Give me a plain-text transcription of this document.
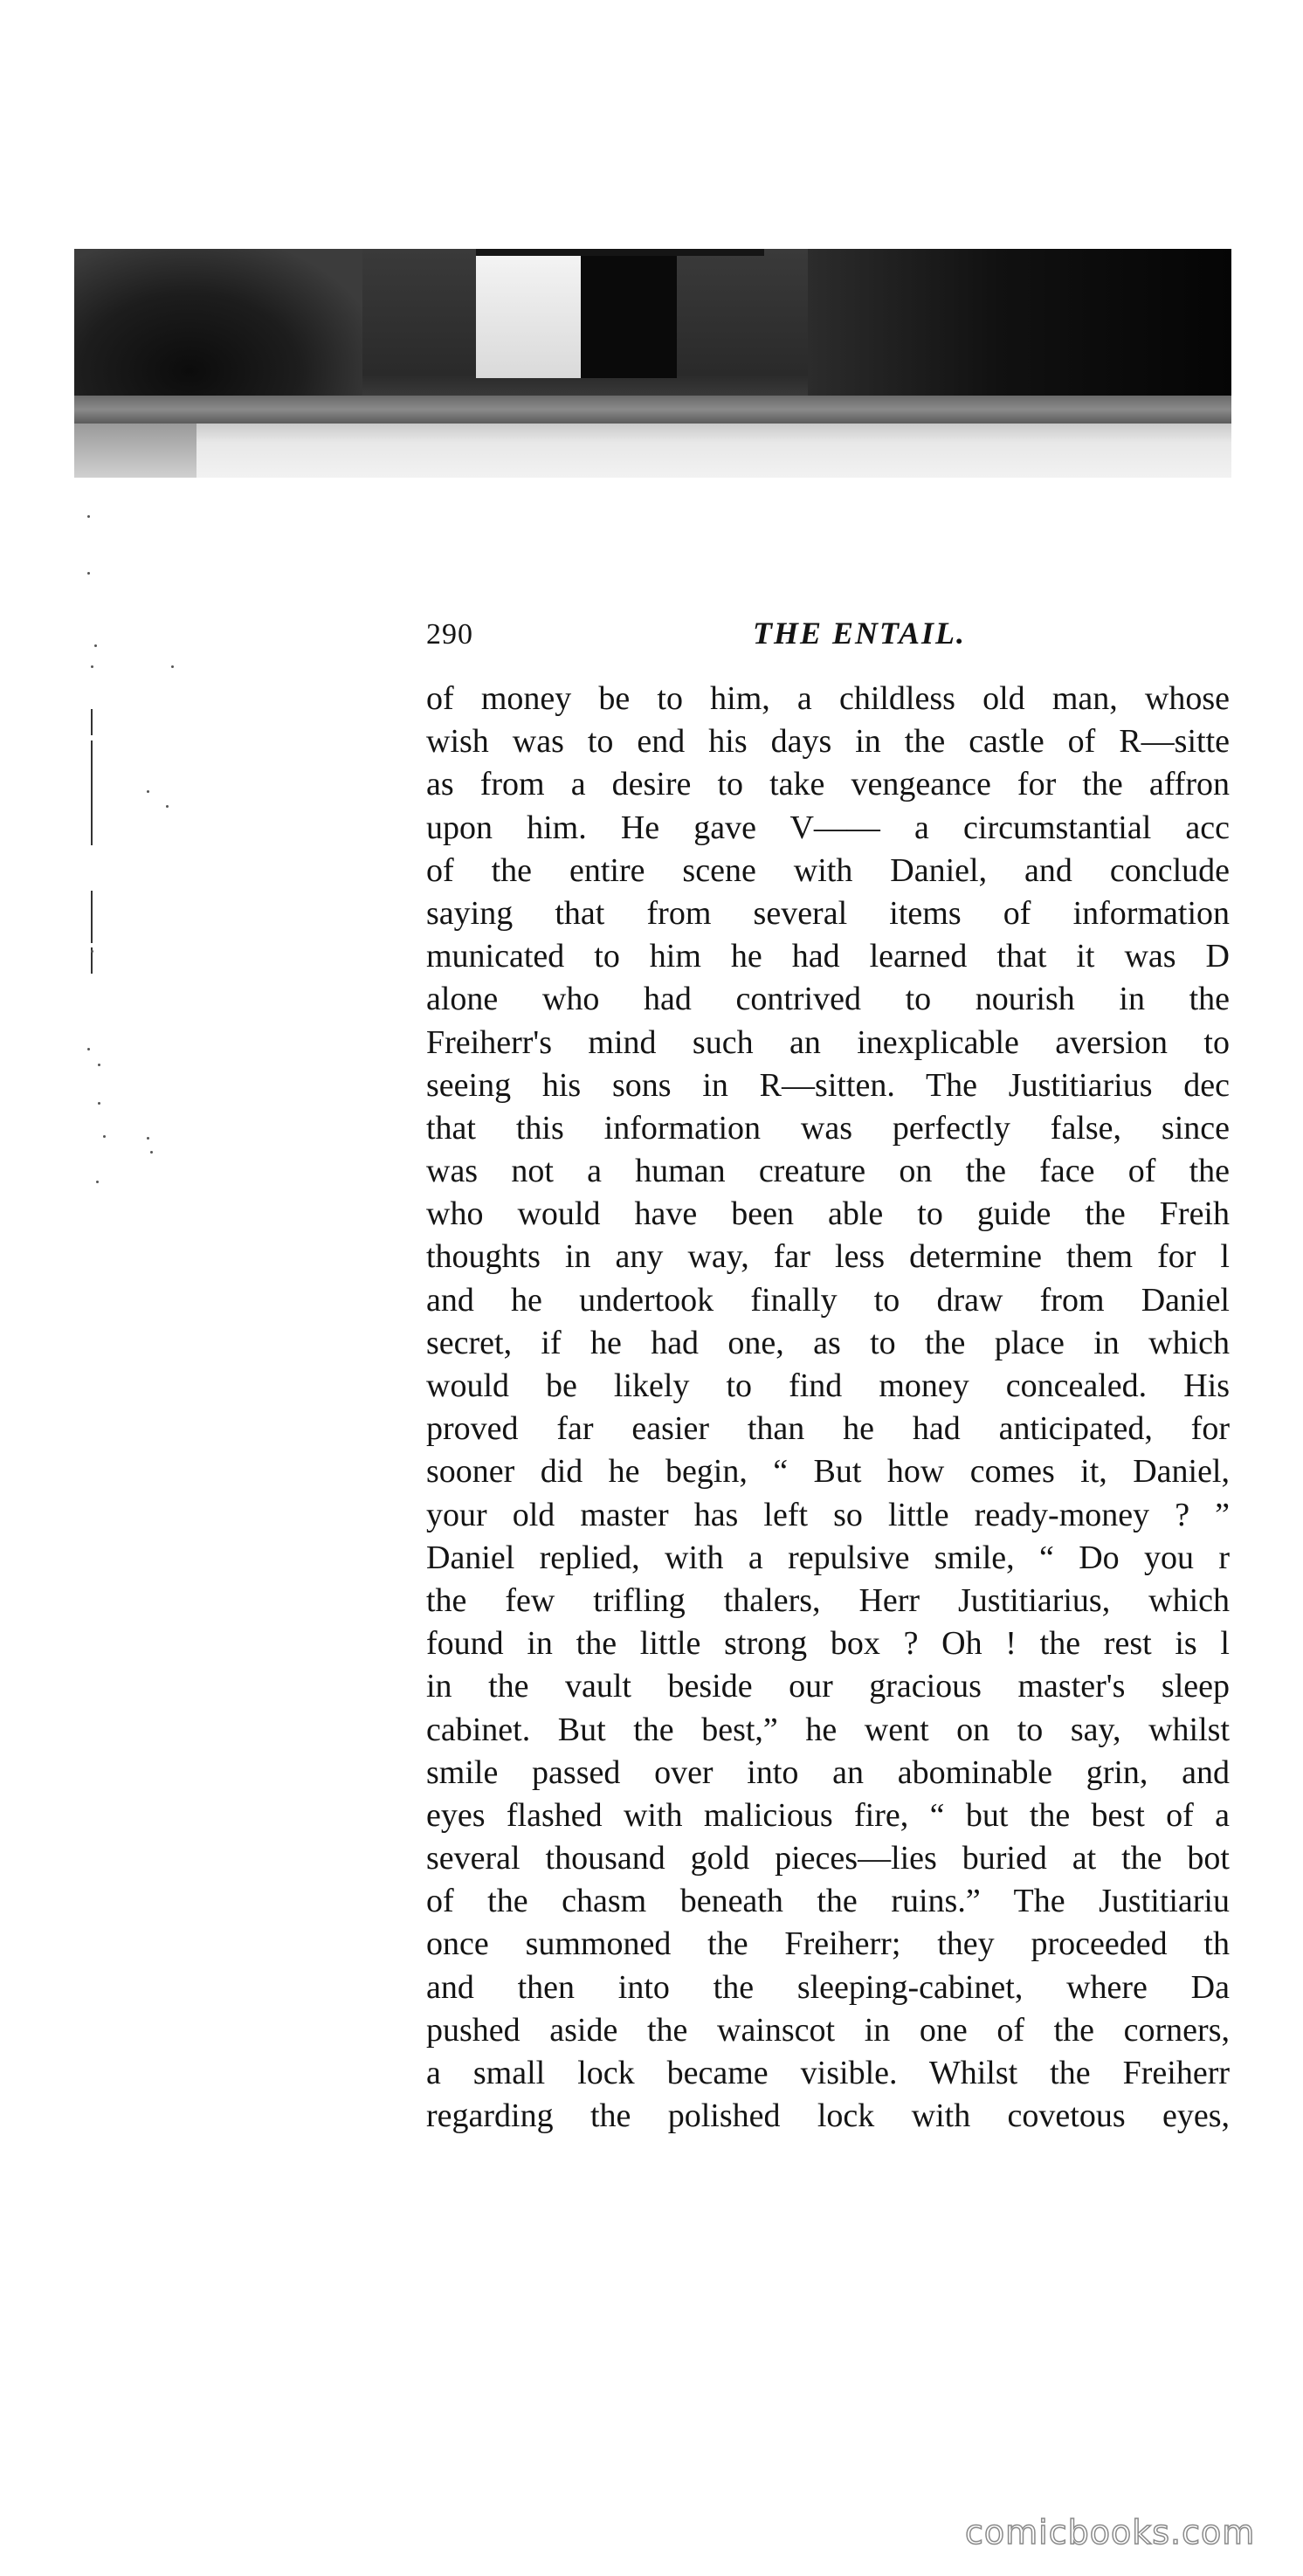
290	THE ENTAIL.
of money be to him, a childless old man, whose
wish was to end his days in the castle of R—sitte
as from a desire to take vengeance for the affron
upon him. He gave V—— a circumstantial acc
of the entire scene with Daniel, and conclude
saying that from several items of information
municated to him he had learned that it was D
alone who had contrived to nourish in the
Freiherr's mind such an inexplicable aversion to
seeing his sons in R—sitten. The Justitiarius dec
that this information was perfectly false, since
was not a human creature on the face of the
who would have been able to guide the Freih
thoughts in any way, far less determine them for l
and he undertook finally to draw from Daniel
secret, if he had one, as to the place in which
would be likely to find money concealed. His
proved far easier than he had anticipated, for
sooner did he begin, “ But how comes it, Daniel,
your old master has left so little ready-money ? ”
Daniel replied, with a repulsive smile, “ Do you r
the few trifling thalers, Herr Justitiarius, which
found in the little strong box ? Oh ! the rest is l
in the vault beside our gracious master's sleep
cabinet. But the best,” he went on to say, whilst
smile passed over into an abominable grin, and
eyes flashed with malicious fire, “ but the best of a
several thousand gold pieces—lies buried at the bot
of the chasm beneath the ruins.” The Justitiariu
once summoned the Freiherr; they proceeded th
and then into the sleeping-cabinet, where Da
pushed aside the wainscot in one of the corners,
a small lock became visible. Whilst the Freiherr
regarding the polished lock with covetous eyes,
comicbooks.com
